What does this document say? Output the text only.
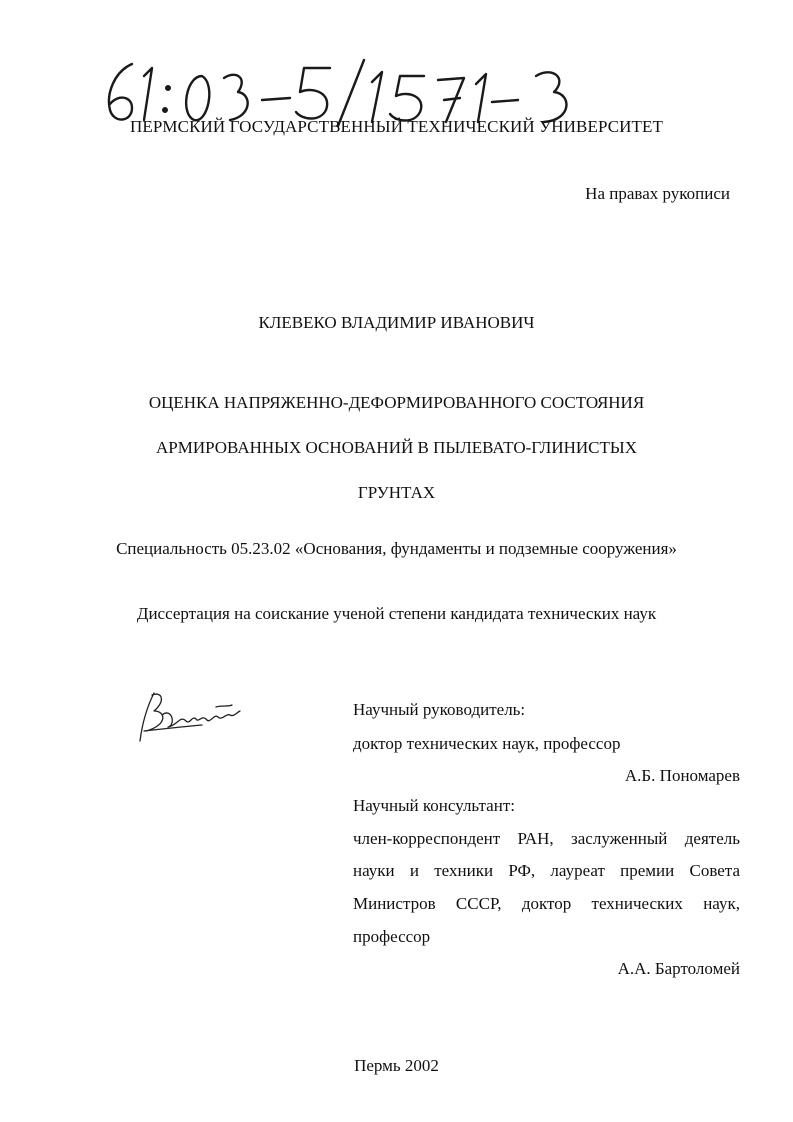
ПЕРМСКИЙ ГОСУДАРСТВЕННЫЙ ТЕХНИЧЕСКИЙ УНИВЕРСИТЕТ
На правах рукописи
КЛЕВЕКО ВЛАДИМИР ИВАНОВИЧ
ОЦЕНКА НАПРЯЖЕННО-ДЕФОРМИРОВАННОГО СОСТОЯНИЯ
АРМИРОВАННЫХ ОСНОВАНИЙ В ПЫЛЕВАТО-ГЛИНИСТЫХ
ГРУНТАХ
Специальность 05.23.02 «Основания, фундаменты и подземные сооружения»
Диссертация на соискание ученой степени кандидата технических наук
Научный руководитель:
доктор технических наук, профессор
А.Б. Пономарев
Научный консультант:
член-корреспондент РАН, заслуженный деятель
науки и техники РФ, лауреат премии Совета
Министров СССР, доктор технических наук,
профессор
А.А. Бартоломей
Пермь 2002
